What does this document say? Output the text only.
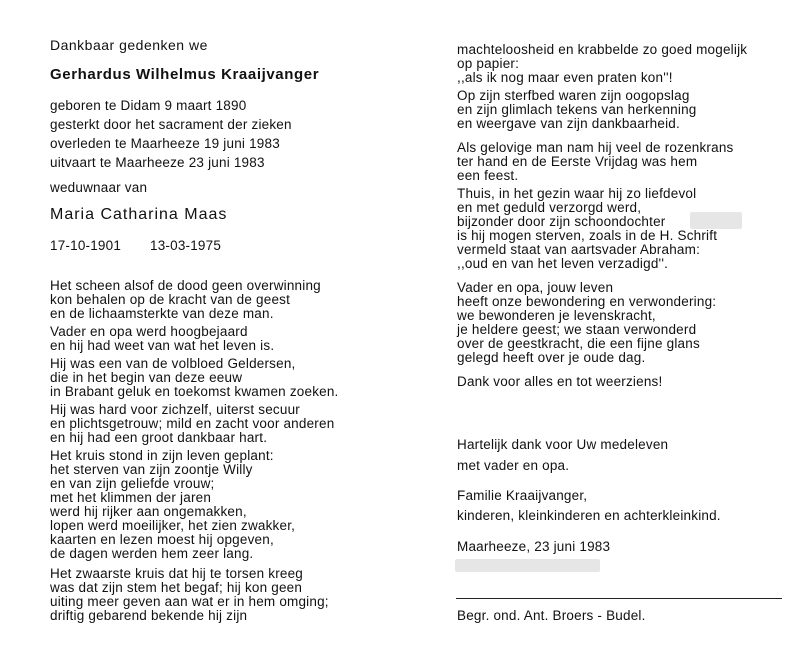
Dankbaar gedenken we
Gerhardus Wilhelmus Kraaijvanger
geboren te Didam 9 maart 1890
gesterkt door het sacrament der zieken
overleden te Maarheeze 19 juni 1983
uitvaart te Maarheeze 23 juni 1983
weduwnaar van
Maria Catharina Maas
17-10-1901 13-03-1975
Het scheen alsof de dood geen overwinning
kon behalen op de kracht van de geest
en de lichaamsterkte van deze man.
Vader en opa werd hoogbejaard
en hij had weet van wat het leven is.
Hij was een van de volbloed Geldersen,
die in het begin van deze eeuw
in Brabant geluk en toekomst kwamen zoeken.
Hij was hard voor zichzelf, uiterst secuur
en plichtsgetrouw; mild en zacht voor anderen
en hij had een groot dankbaar hart.
Het kruis stond in zijn leven geplant:
het sterven van zijn zoontje Willy
en van zijn geliefde vrouw;
met het klimmen der jaren
werd hij rijker aan ongemakken,
lopen werd moeilijker, het zien zwakker,
kaarten en lezen moest hij opgeven,
de dagen werden hem zeer lang.
Het zwaarste kruis dat hij te torsen kreeg
was dat zijn stem het begaf; hij kon geen
uiting meer geven aan wat er in hem omging;
driftig gebarend bekende hij zijn
machteloosheid en krabbelde zo goed mogelijk
op papier:
,,als ik nog maar even praten kon''!
Op zijn sterfbed waren zijn oogopslag
en zijn glimlach tekens van herkenning
en weergave van zijn dankbaarheid.
Als gelovige man nam hij veel de rozenkrans
ter hand en de Eerste Vrijdag was hem
een feest.
Thuis, in het gezin waar hij zo liefdevol
en met geduld verzorgd werd,
bijzonder door zijn schoondochter
is hij mogen sterven, zoals in de H. Schrift
vermeld staat van aartsvader Abraham:
,,oud en van het leven verzadigd''.
Vader en opa, jouw leven
heeft onze bewondering en verwondering:
we bewonderen je levenskracht,
je heldere geest; we staan verwonderd
over de geestkracht, die een fijne glans
gelegd heeft over je oude dag.
Dank voor alles en tot weerziens!
Hartelijk dank voor Uw medeleven
met vader en opa.
Familie Kraaijvanger,
kinderen, kleinkinderen en achterkleinkind.
Maarheeze, 23 juni 1983
Begr. ond. Ant. Broers - Budel.
